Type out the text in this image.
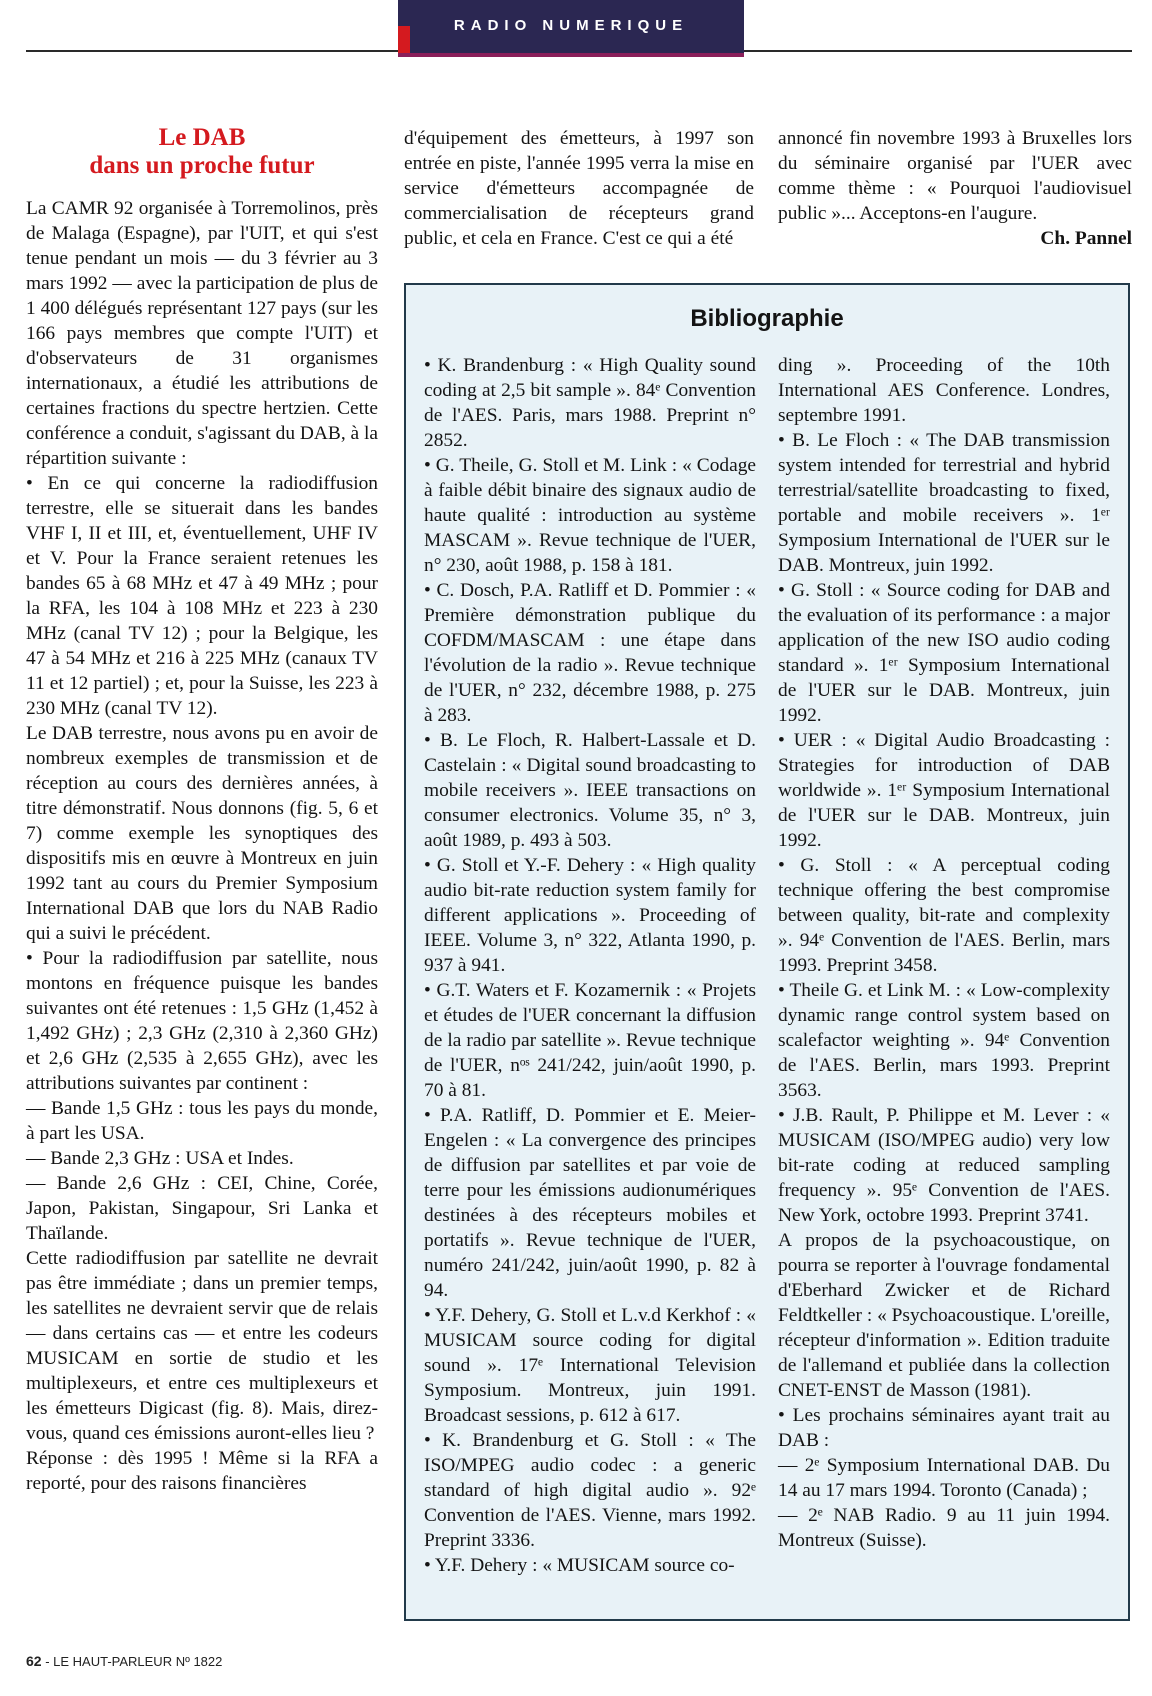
RADIO NUMERIQUE
Le DAB
dans un proche futur

La CAMR 92 organisée à Torremolinos, près de Malaga (Espagne), par l'UIT, et qui s'est tenue pendant un mois — du 3 février au 3 mars 1992 — avec la participation de plus de 1 400 délégués représentant 127 pays (sur les 166 pays membres que compte l'UIT) et d'observateurs de 31 organismes internationaux, a étudié les attributions de certaines fractions du spectre hertzien. Cette conférence a conduit, s'agissant du DAB, à la répartition suivante :

• En ce qui concerne la radiodiffusion terrestre, elle se situerait dans les bandes VHF I, II et III, et, éventuellement, UHF IV et V. Pour la France seraient retenues les bandes 65 à 68 MHz et 47 à 49 MHz ; pour la RFA, les 104 à 108 MHz et 223 à 230 MHz (canal TV 12) ; pour la Belgique, les 47 à 54 MHz et 216 à 225 MHz (canaux TV 11 et 12 partiel) ; et, pour la Suisse, les 223 à 230 MHz (canal TV 12).

Le DAB terrestre, nous avons pu en avoir de nombreux exemples de transmission et de réception au cours des dernières années, à titre démonstratif. Nous donnons (fig. 5, 6 et 7) comme exemple les synoptiques des dispositifs mis en œuvre à Montreux en juin 1992 tant au cours du Premier Symposium International DAB que lors du NAB Radio qui a suivi le précédent.

• Pour la radiodiffusion par satellite, nous montons en fréquence puisque les bandes suivantes ont été retenues : 1,5 GHz (1,452 à 1,492 GHz) ; 2,3 GHz (2,310 à 2,360 GHz) et 2,6 GHz (2,535 à 2,655 GHz), avec les attributions suivantes par continent :

— Bande 1,5 GHz : tous les pays du monde, à part les USA.

— Bande 2,3 GHz : USA et Indes.

— Bande 2,6 GHz : CEI, Chine, Corée, Japon, Pakistan, Singapour, Sri Lanka et Thaïlande.

Cette radiodiffusion par satellite ne devrait pas être immédiate ; dans un premier temps, les satellites ne devraient servir que de relais — dans certains cas — et entre les codeurs MUSICAM en sortie de studio et les multiplexeurs, et entre ces multiplexeurs et les émetteurs Digicast (fig. 8). Mais, direz-vous, quand ces émissions auront-elles lieu ?

Réponse : dès 1995 ! Même si la RFA a reporté, pour des raisons financières

d'équipement des émetteurs, à 1997 son entrée en piste, l'année 1995 verra la mise en service d'émetteurs accompagnée de commercialisation de récepteurs grand public, et cela en France. C'est ce qui a été

annoncé fin novembre 1993 à Bruxelles lors du séminaire organisé par l'UER avec comme thème : « Pourquoi l'audiovisuel public »... Acceptons-en l'augure.

Ch. Pannel

Bibliographie

• K. Brandenburg : « High Quality sound coding at 2,5 bit sample ». 84ᵉ Convention de l'AES. Paris, mars 1988. Preprint n° 2852.

• G. Theile, G. Stoll et M. Link : « Codage à faible débit binaire des signaux audio de haute qualité : introduction au système MASCAM ». Revue technique de l'UER, n° 230, août 1988, p. 158 à 181.

• C. Dosch, P.A. Ratliff et D. Pommier : « Première démonstration publique du COFDM/MASCAM : une étape dans l'évolution de la radio ». Revue technique de l'UER, n° 232, décembre 1988, p. 275 à 283.

• B. Le Floch, R. Halbert-Lassale et D. Castelain : « Digital sound broadcasting to mobile receivers ». IEEE transactions on consumer electronics. Volume 35, n° 3, août 1989, p. 493 à 503.

• G. Stoll et Y.-F. Dehery : « High quality audio bit-rate reduction system family for different applications ». Proceeding of IEEE. Volume 3, n° 322, Atlanta 1990, p. 937 à 941.

• G.T. Waters et F. Kozamernik : « Projets et études de l'UER concernant la diffusion de la radio par satellite ». Revue technique de l'UER, nᵒˢ 241/242, juin/août 1990, p. 70 à 81.

• P.A. Ratliff, D. Pommier et E. Meier-Engelen : « La convergence des principes de diffusion par satellites et par voie de terre pour les émissions audionumériques destinées à des récepteurs mobiles et portatifs ». Revue technique de l'UER, numéro 241/242, juin/août 1990, p. 82 à 94.

• Y.F. Dehery, G. Stoll et L.v.d Kerkhof : « MUSICAM source coding for digital sound ». 17ᵉ International Television Symposium. Montreux, juin 1991. Broadcast sessions, p. 612 à 617.

• K. Brandenburg et G. Stoll : « The ISO/MPEG audio codec : a generic standard of high digital audio ». 92ᵉ Convention de l'AES. Vienne, mars 1992. Preprint 3336.

• Y.F. Dehery : « MUSICAM source co-

ding ». Proceeding of the 10th International AES Conference. Londres, septembre 1991.

• B. Le Floch : « The DAB transmission system intended for terrestrial and hybrid terrestrial/satellite broadcasting to fixed, portable and mobile receivers ». 1ᵉʳ Symposium International de l'UER sur le DAB. Montreux, juin 1992.

• G. Stoll : « Source coding for DAB and the evaluation of its performance : a major application of the new ISO audio coding standard ». 1ᵉʳ Symposium International de l'UER sur le DAB. Montreux, juin 1992.

• UER : « Digital Audio Broadcasting : Strategies for introduction of DAB worldwide ». 1ᵉʳ Symposium International de l'UER sur le DAB. Montreux, juin 1992.

• G. Stoll : « A perceptual coding technique offering the best compromise between quality, bit-rate and complexity ». 94ᵉ Convention de l'AES. Berlin, mars 1993. Preprint 3458.

• Theile G. et Link M. : « Low-complexity dynamic range control system based on scalefactor weighting ». 94ᵉ Convention de l'AES. Berlin, mars 1993. Preprint 3563.

• J.B. Rault, P. Philippe et M. Lever : « MUSICAM (ISO/MPEG audio) very low bit-rate coding at reduced sampling frequency ». 95ᵉ Convention de l'AES. New York, octobre 1993. Preprint 3741.

A propos de la psychoacoustique, on pourra se reporter à l'ouvrage fondamental d'Eberhard Zwicker et de Richard Feldtkeller : « Psychoacoustique. L'oreille, récepteur d'information ». Edition traduite de l'allemand et publiée dans la collection CNET-ENST de Masson (1981).

• Les prochains séminaires ayant trait au DAB :

— 2ᵉ Symposium International DAB. Du 14 au 17 mars 1994. Toronto (Canada) ;

— 2ᵉ NAB Radio. 9 au 11 juin 1994. Montreux (Suisse).

62 - LE HAUT-PARLEUR Nº 1822
